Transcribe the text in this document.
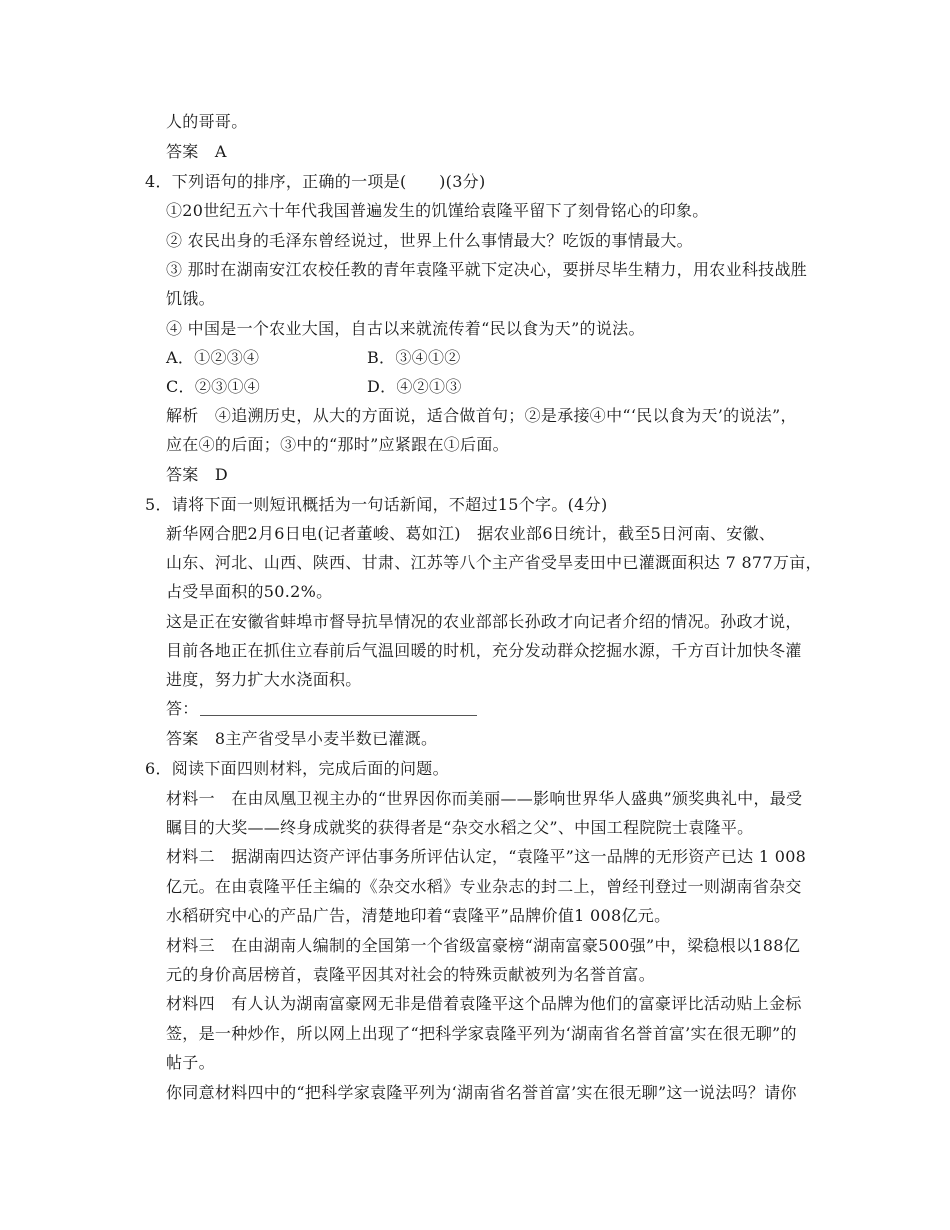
人的哥哥。
答案　A
4．下列语句的排序，正确的一项是(　　)(3分)
①20世纪五六十年代我国普遍发生的饥馑给袁隆平留下了刻骨铭心的印象。
② 农民出身的毛泽东曾经说过，世界上什么事情最大？吃饭的事情最大。
③ 那时在湖南安江农校任教的青年袁隆平就下定决心，要拼尽毕生精力，用农业科技战胜
饥饿。
④ 中国是一个农业大国，自古以来就流传着“民以食为天”的说法。
A．①②③④	B．③④①②
C．②③①④	D．④②①③
解析　④追溯历史，从大的方面说，适合做首句；②是承接④中“‘民以食为天’的说法”，
应在④的后面；③中的“那时”应紧跟在①后面。
答案　D
5．请将下面一则短讯概括为一句话新闻，不超过15个字。(4分)
新华网合肥2月6日电(记者董峻、葛如江)　据农业部6日统计，截至5日河南、安徽、
山东、河北、山西、陕西、甘肃、江苏等八个主产省受旱麦田中已灌溉面积达 7 877万亩，
占受旱面积的50.2%。
这是正在安徽省蚌埠市督导抗旱情况的农业部部长孙政才向记者介绍的情况。孙政才说，
目前各地正在抓住立春前后气温回暖的时机，充分发动群众挖掘水源，千方百计加快冬灌
进度，努力扩大水浇面积。
答：
答案　8主产省受旱小麦半数已灌溉。
6．阅读下面四则材料，完成后面的问题。
材料一　在由凤凰卫视主办的“世界因你而美丽——影响世界华人盛典”颁奖典礼中，最受
瞩目的大奖——终身成就奖的获得者是“杂交水稻之父”、中国工程院院士袁隆平。
材料二　据湖南四达资产评估事务所评估认定，“袁隆平”这一品牌的无形资产已达 1 008
亿元。在由袁隆平任主编的《杂交水稻》专业杂志的封二上，曾经刊登过一则湖南省杂交
水稻研究中心的产品广告，清楚地印着“袁隆平”品牌价值1 008亿元。
材料三　在由湖南人编制的全国第一个省级富豪榜“湖南富豪500强”中，梁稳根以188亿
元的身价高居榜首，袁隆平因其对社会的特殊贡献被列为名誉首富。
材料四　有人认为湖南富豪网无非是借着袁隆平这个品牌为他们的富豪评比活动贴上金标
签，是一种炒作，所以网上出现了“把科学家袁隆平列为‘湖南省名誉首富’实在很无聊”的
帖子。
你同意材料四中的“把科学家袁隆平列为‘湖南省名誉首富’实在很无聊”这一说法吗？请你
